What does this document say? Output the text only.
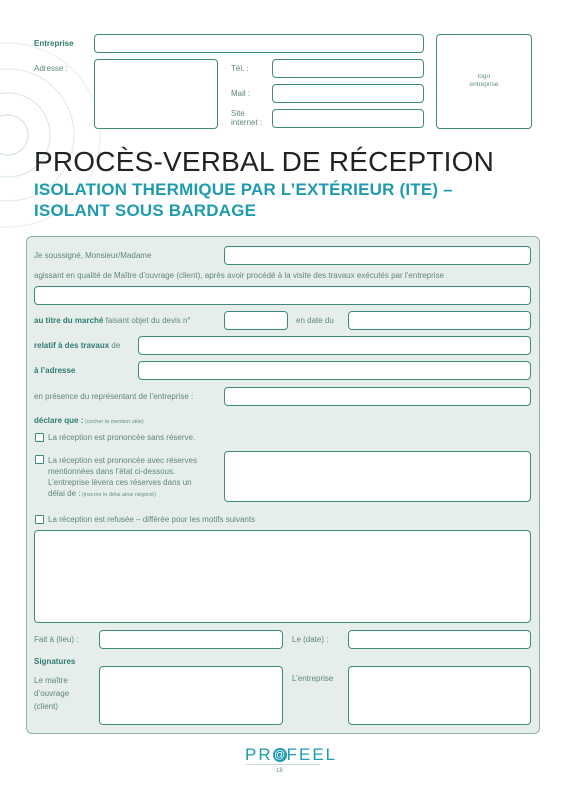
Entreprise
Adresse :	Tél. :
Mail :
Site
internet :
logo
entreprise
PROCÈS-VERBAL DE RÉCEPTION
ISOLATION THERMIQUE PAR L’EXTÉRIEUR (ITE) –
ISOLANT SOUS BARDAGE
Je soussigné, Monsieur/Madame
agissant en qualité de Maître d’ouvrage (client), après avoir procédé à la visite des travaux exécutés par l’entreprise
au titre du marché faisant objet du devis n°	en date du
relatif à des travaux de
à l’adresse
en présence du représentant de l’entreprise :
déclare que : (cocher la mention utile)
La réception est prononcée sans réserve.
La réception est prononcée avec réserves
mentionnées dans l’état ci-dessous.
L’entreprise lèvera ces réserves dans un
délai de : (inscrire le délai ainsi négocié)
La réception est refusée – différée pour les motifs suivants
Fait à (lieu) :	Le (date) :
Signatures
Le maître
d’ouvrage
(client)
L’entreprise
PR@FEEL
18
